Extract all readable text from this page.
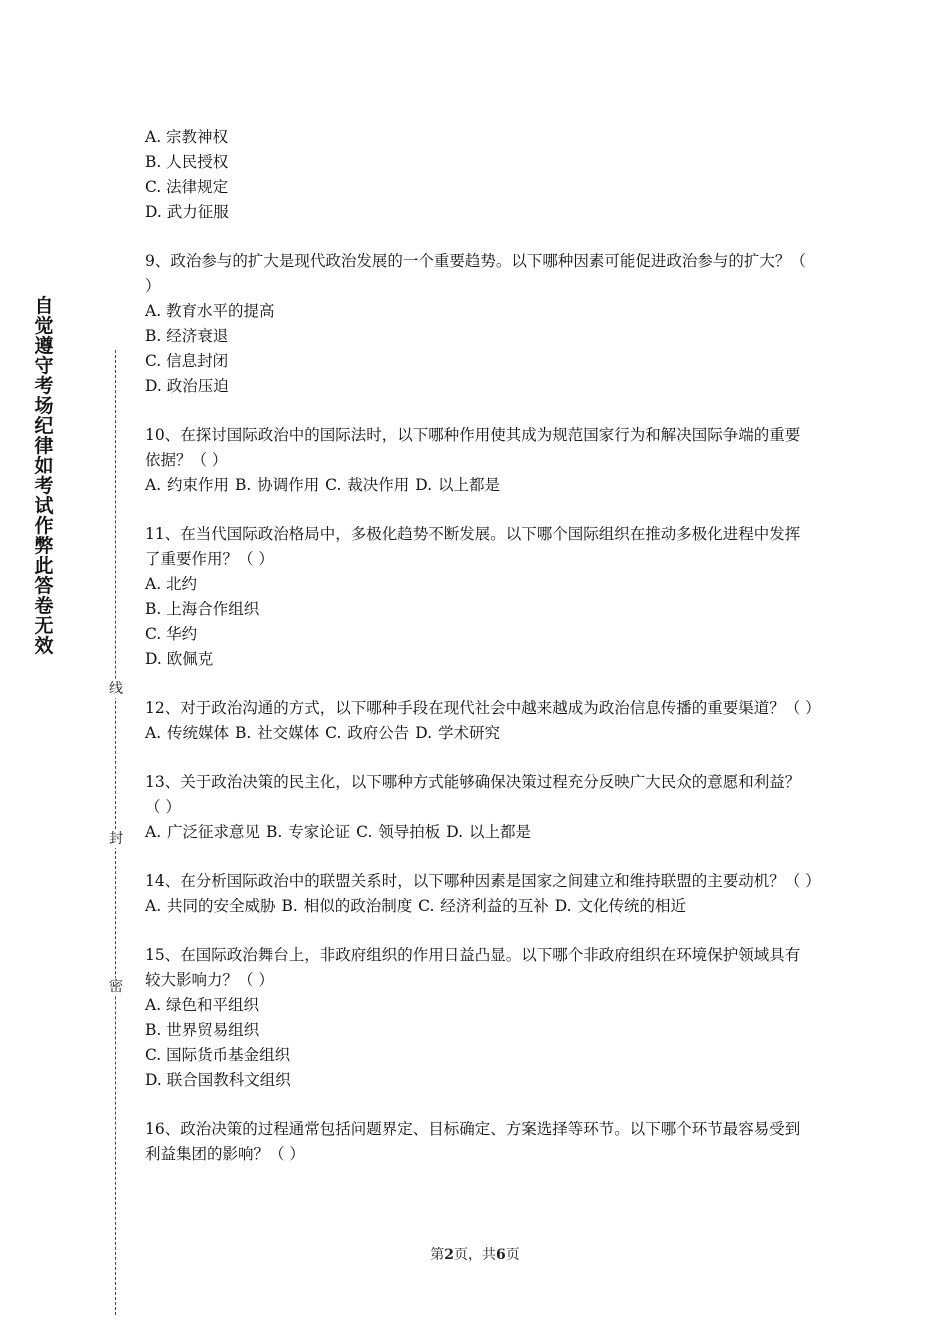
自觉遵守考场纪律如考试作弊此答卷无效
线
封
密

A. 宗教神权

B. 人民授权

C. 法律规定

D. 武力征服

9、政治参与的扩大是现代政治发展的一个重要趋势。以下哪种因素可能促进政治参与的扩大？（ ）

A. 教育水平的提高

B. 经济衰退

C. 信息封闭

D. 政治压迫

10、在探讨国际政治中的国际法时，以下哪种作用使其成为规范国家行为和解决国际争端的重要依据？（ ）

A. 约束作用 B. 协调作用 C. 裁决作用 D. 以上都是

11、在当代国际政治格局中，多极化趋势不断发展。以下哪个国际组织在推动多极化进程中发挥了重要作用？（ ）

A. 北约

B. 上海合作组织

C. 华约

D. 欧佩克

12、对于政治沟通的方式，以下哪种手段在现代社会中越来越成为政治信息传播的重要渠道？（ ）

A. 传统媒体 B. 社交媒体 C. 政府公告 D. 学术研究

13、关于政治决策的民主化，以下哪种方式能够确保决策过程充分反映广大民众的意愿和利益？（ ）

A. 广泛征求意见 B. 专家论证 C. 领导拍板 D. 以上都是

14、在分析国际政治中的联盟关系时，以下哪种因素是国家之间建立和维持联盟的主要动机？（ ）

A. 共同的安全威胁 B. 相似的政治制度 C. 经济利益的互补 D. 文化传统的相近

15、在国际政治舞台上，非政府组织的作用日益凸显。以下哪个非政府组织在环境保护领域具有较大影响力？（ ）

A. 绿色和平组织

B. 世界贸易组织

C. 国际货币基金组织

D. 联合国教科文组织

16、政治决策的过程通常包括问题界定、目标确定、方案选择等环节。以下哪个环节最容易受到利益集团的影响？（ ）

第2页，共6页
